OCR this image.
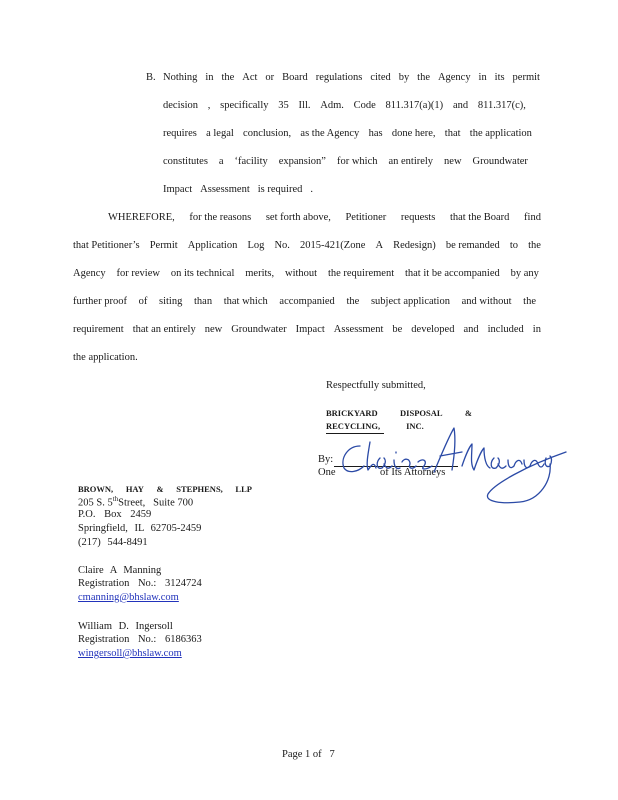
B. Nothing in the Act or Board regulations cited by the Agency in its permit
decision , specifically 35 Ill. Adm. Code 811.317(a)(1) and 811.317(c),
requires a legal conclusion, as the Agency has done here, that the application
constitutes a ‘facility expansion” for which an entirely new Groundwater
Impact Assessment is required .
WHEREFORE, for the reasons set forth above, Petitioner requests that the Board find
that Petitioner’s Permit Application Log No. 2015-421(Zone A Redesign) be remanded to the
Agency for review on its technical merits, without the requirement that it be accompanied by any
further proof of siting than that which accompanied the subject application and without the
requirement that an entirely new Groundwater Impact Assessment be developed and included in
the application.
Respectfully submitted,
BRICKYARD	DISPOSAL	&
RECYCLING,	INC.
By:
One	of Its Attorneys
BROWN, HAY & STEPHENS, LLP
205 S. 5thStreet, Suite 700
P.O. Box 2459
Springfield, IL 62705-2459
(217) 544-8491
Claire A Manning
Registration No.: 3124724
cmanning@bhslaw.com
William D. Ingersoll
Registration No.: 6186363
wingersoll@bhslaw.com
Page 1 of 7
